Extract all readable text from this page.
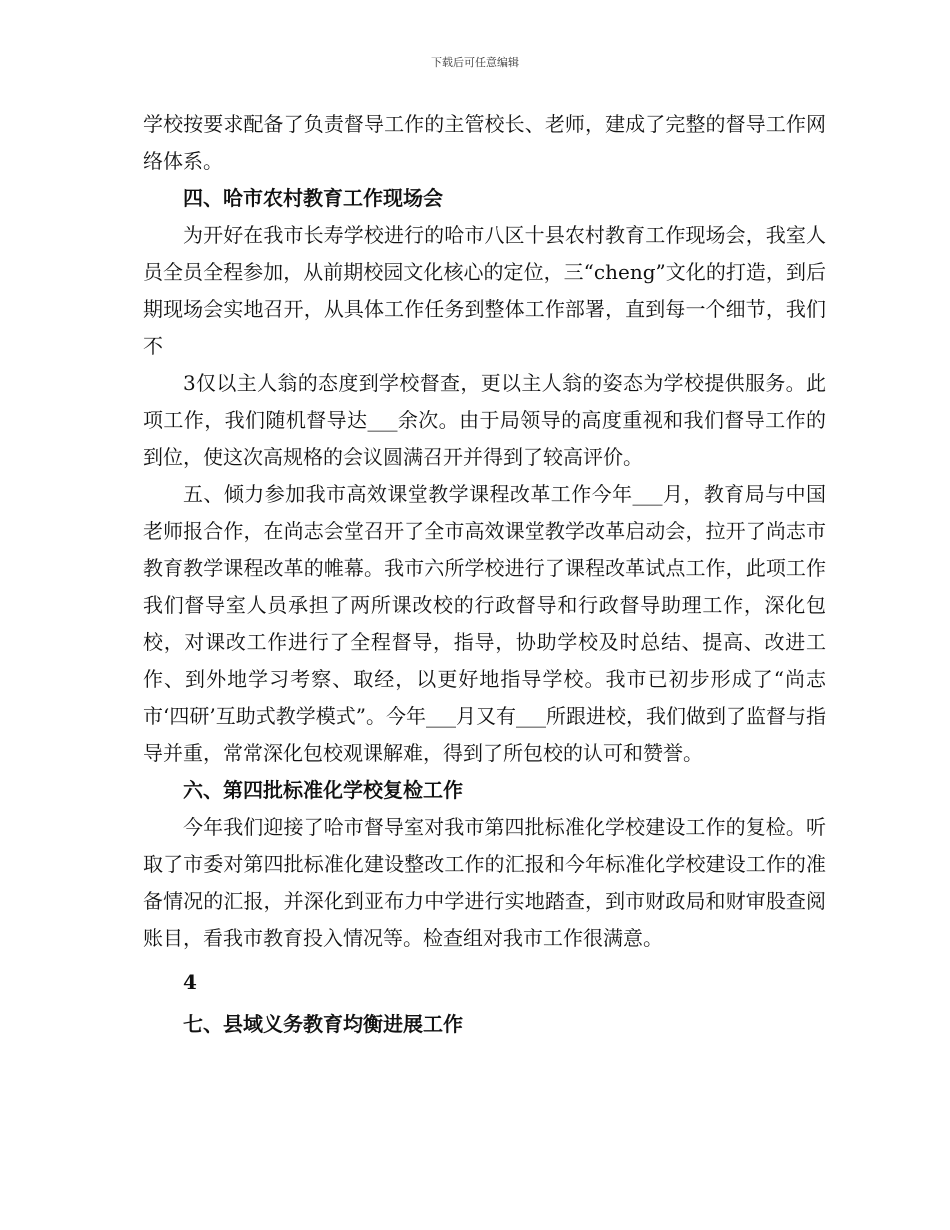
下载后可任意编辑

学校按要求配备了负责督导工作的主管校长、老师，建成了完整的督导工作网络体系。

四、哈市农村教育工作现场会

为开好在我市长寿学校进行的哈市八区十县农村教育工作现场会，我室人员全员全程参加，从前期校园文化核心的定位，三“cheng”文化的打造，到后期现场会实地召开，从具体工作任务到整体工作部署，直到每一个细节，我们不

3仅以主人翁的态度到学校督查，更以主人翁的姿态为学校提供服务。此项工作，我们随机督导达___余次。由于局领导的高度重视和我们督导工作的到位，使这次高规格的会议圆满召开并得到了较高评价。

五、倾力参加我市高效课堂教学课程改革工作今年___月，教育局与中国老师报合作，在尚志会堂召开了全市高效课堂教学改革启动会，拉开了尚志市教育教学课程改革的帷幕。我市六所学校进行了课程改革试点工作，此项工作我们督导室人员承担了两所课改校的行政督导和行政督导助理工作，深化包校，对课改工作进行了全程督导，指导，协助学校及时总结、提高、改进工作、到外地学习考察、取经，以更好地指导学校。我市已初步形成了“尚志市‘四研’互助式教学模式”。今年___月又有___所跟进校，我们做到了监督与指导并重，常常深化包校观课解难，得到了所包校的认可和赞誉。

六、第四批标准化学校复检工作

今年我们迎接了哈市督导室对我市第四批标准化学校建设工作的复检。听取了市委对第四批标准化建设整改工作的汇报和今年标准化学校建设工作的准备情况的汇报，并深化到亚布力中学进行实地踏查，到市财政局和财审股查阅账目，看我市教育投入情况等。检查组对我市工作很满意。

4

七、县域义务教育均衡进展工作
